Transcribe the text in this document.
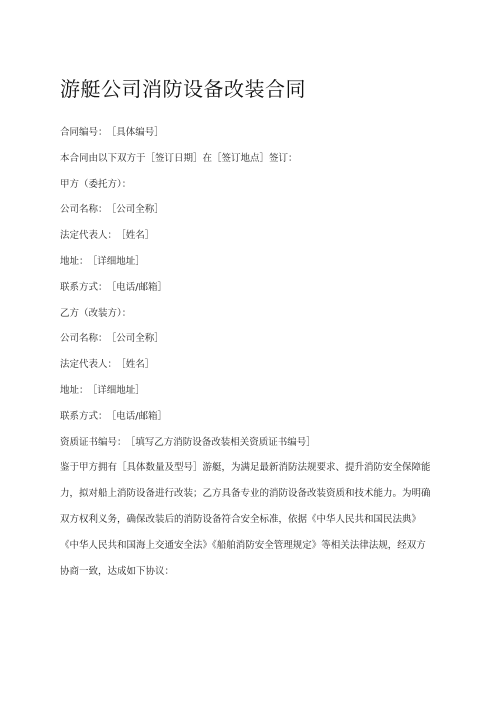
游艇公司消防设备改装合同
合同编号： ［具体编号］
本合同由以下双方于［签订日期］在［签订地点］签订：
甲方（委托方）：
公司名称： ［公司全称］
法定代表人： ［姓名］
地址： ［详细地址］
联系方式： ［电话/邮箱］
乙方（改装方）：
公司名称： ［公司全称］
法定代表人： ［姓名］
地址： ［详细地址］
联系方式： ［电话/邮箱］
资质证书编号： ［填写乙方消防设备改装相关资质证书编号］
鉴于甲方拥有［具体数量及型号］游艇，为满足最新消防法规要求、提升消防安全保障能
力，拟对船上消防设备进行改装；乙方具备专业的消防设备改装资质和技术能力。为明确
双方权利义务，确保改装后的消防设备符合安全标准，依据《中华人民共和国民法典》
《中华人民共和国海上交通安全法》《船舶消防安全管理规定》等相关法律法规，经双方
协商一致，达成如下协议：
